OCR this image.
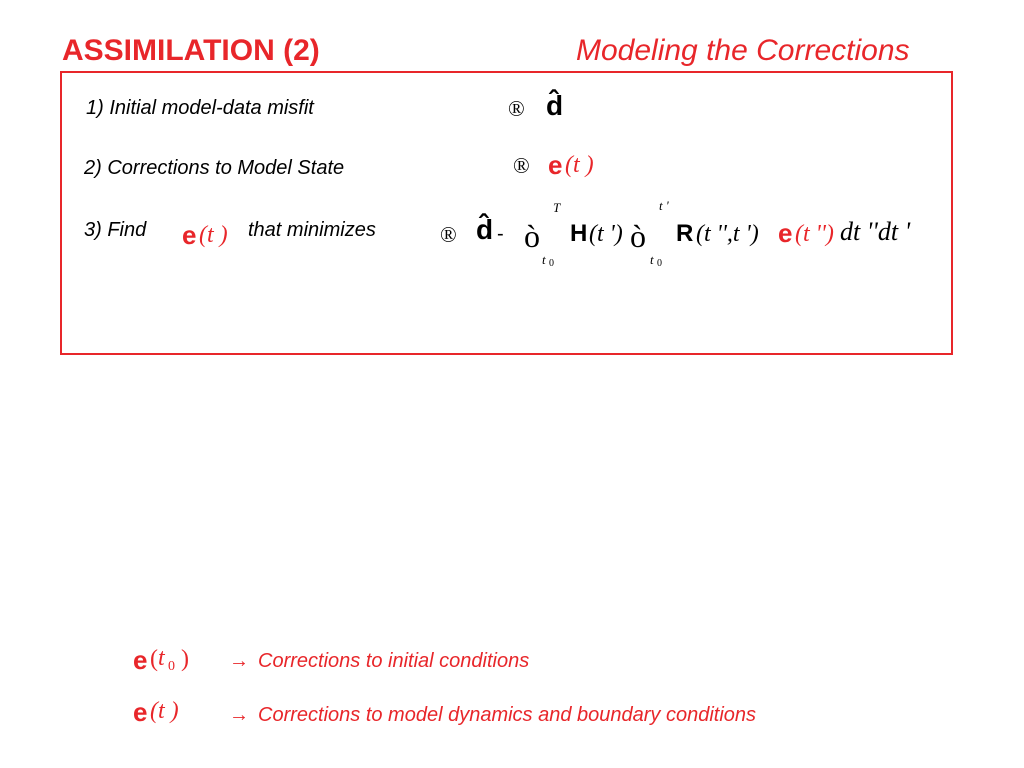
ASSIMILATION (2)	Modeling the Corrections
1) Initial model-data misfit	® d̂
2) Corrections to Model State	® e (t )
3) Find e (t ) that minimizes	® d̂ -
T
ò
t 0
H (t ')
t '
ò
t 0
R (t '',t ') e (t '') dt ''dt '
e ( t 0 ) → Corrections to initial conditions
e (t )	→ Corrections to model dynamics and boundary conditions
